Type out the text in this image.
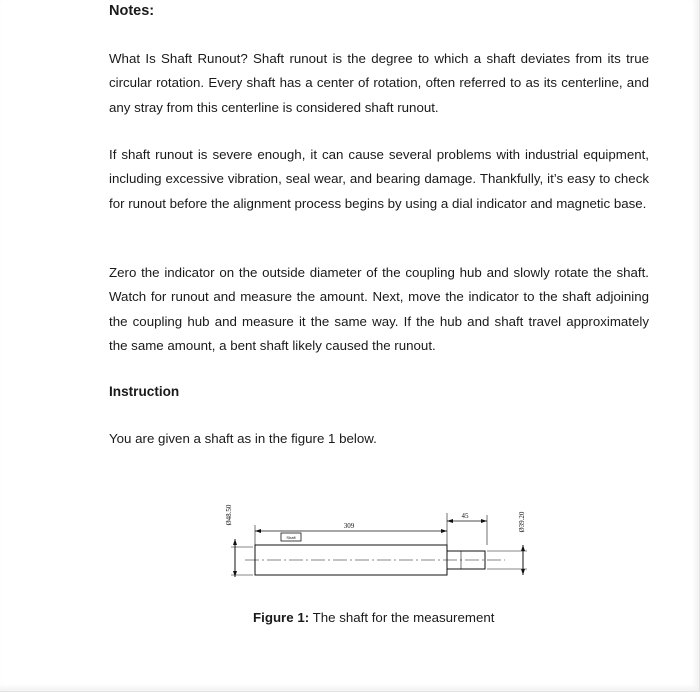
Notes:

What Is Shaft Runout? Shaft runout is the degree to which a shaft deviates from its true circular rotation. Every shaft has a center of rotation, often referred to as its centerline, and any stray from this centerline is considered shaft runout.

If shaft runout is severe enough, it can cause several problems with industrial equipment, including excessive vibration, seal wear, and bearing damage. Thankfully, it’s easy to check for runout before the alignment process begins by using a dial indicator and magnetic base.

Zero the indicator on the outside diameter of the coupling hub and slowly rotate the shaft. Watch for runout and measure the amount. Next, move the indicator to the shaft adjoining the coupling hub and measure it the same way. If the hub and shaft travel approximately the same amount, a bent shaft likely caused the runout.

Instruction

You are given a shaft as in the figure 1 below.

Ø48.50
309
45
Shaft
Ø39.20

Figure 1: The shaft for the measurement
